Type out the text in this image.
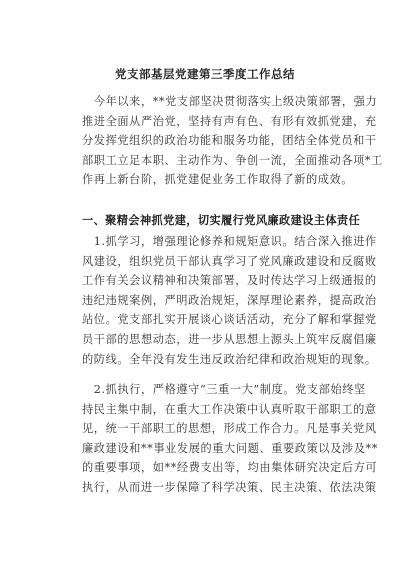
党支部基层党建第三季度工作总结
　今年以来，**党支部坚决贯彻落实上级决策部署，强力
推进全面从严治党，坚持有声有色、有形有效抓党建，充
分发挥党组织的政治功能和服务功能，团结全体党员和干
部职工立足本职、主动作为、争创一流，全面推动各项*工
作再上新台阶，抓党建促业务工作取得了新的成效。
一、聚精会神抓党建，切实履行党风廉政建设主体责任
　1.抓学习，增强理论修养和规矩意识。结合深入推进作
风建设，组织党员干部认真学习了党风廉政建设和反腐败
工作有关会议精神和决策部署，及时传达学习上级通报的
违纪违规案例，严明政治规矩，深厚理论素养，提高政治
站位。党支部扎实开展谈心谈话活动，充分了解和掌握党
员干部的思想动态，进一步从思想上源头上筑牢反腐倡廉
的防线。全年没有发生违反政治纪律和政治规矩的现象。
　2.抓执行，严格遵守“三重一大”制度。党支部始终坚
持民主集中制，在重大工作决策中认真听取干部职工的意
见，统一干部职工的思想，形成工作合力。凡是事关党风
廉政建设和**事业发展的重大问题、重要政策以及涉及**
的重要事项，如**经费支出等，均由集体研究决定后方可
执行，从而进一步保障了科学决策、民主决策、依法决策
